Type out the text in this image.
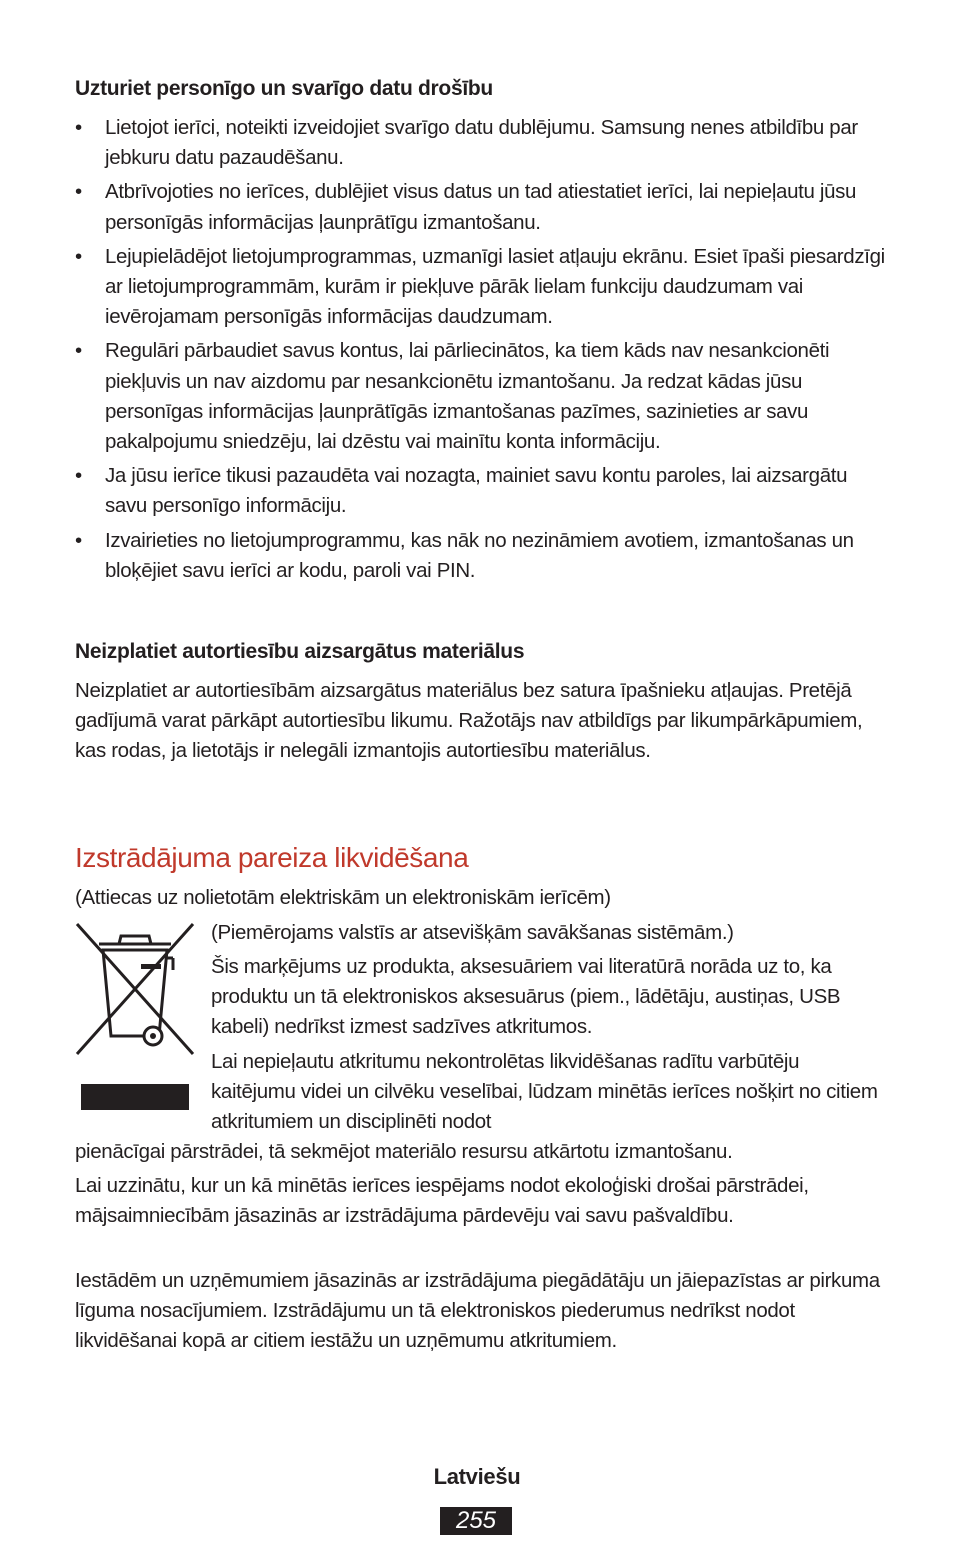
Uzturiet personīgo un svarīgo datu drošību
• Lietojot ierīci, noteikti izveidojiet svarīgo datu dublējumu. Samsung nenes atbildību par jebkuru datu pazaudēšanu.
• Atbrīvojoties no ierīces, dublējiet visus datus un tad atiestatiet ierīci, lai nepieļautu jūsu personīgās informācijas ļaunprātīgu izmantošanu.
• Lejupielādējot lietojumprogrammas, uzmanīgi lasiet atļauju ekrānu. Esiet īpaši piesardzīgi ar lietojumprogrammām, kurām ir piekļuve pārāk lielam funkciju daudzumam vai ievērojamam personīgās informācijas daudzumam.
• Regulāri pārbaudiet savus kontus, lai pārliecinātos, ka tiem kāds nav nesankcionēti piekļuvis un nav aizdomu par nesankcionētu izmantošanu. Ja redzat kādas jūsu personīgas informācijas ļaunprātīgās izmantošanas pazīmes, sazinieties ar savu pakalpojumu sniedzēju, lai dzēstu vai mainītu konta informāciju.
• Ja jūsu ierīce tikusi pazaudēta vai nozagta, mainiet savu kontu paroles, lai aizsargātu savu personīgo informāciju.
• Izvairieties no lietojumprogrammu, kas nāk no nezināmiem avotiem, izmantošanas un bloķējiet savu ierīci ar kodu, paroli vai PIN.
Neizplatiet autortiesību aizsargātus materiālus

Neizplatiet ar autortiesībām aizsargātus materiālus bez satura īpašnieku atļaujas. Pretējā gadījumā varat pārkāpt autortiesību likumu. Ražotājs nav atbildīgs par likumpārkāpumiem, kas rodas, ja lietotājs ir nelegāli izmantojis autortiesību materiālus.

Izstrādājuma pareiza likvidēšana

(Attiecas uz nolietotām elektriskām un elektroniskām ierīcēm)

(Piemērojams valstīs ar atsevišķām savākšanas sistēmām.)

Šis marķējums uz produkta, aksesuāriem vai literatūrā norāda uz to, ka produktu un tā elektroniskos aksesuārus (piem., lādētāju, austiņas, USB kabeli) nedrīkst izmest sadzīves atkritumos.

Lai nepieļautu atkritumu nekontrolētas likvidēšanas radītu varbūtēju kaitējumu videi un cilvēku veselībai, lūdzam minētās ierīces nošķirt no citiem atkritumiem un disciplinēti nodot

pienācīgai pārstrādei, tā sekmējot materiālo resursu atkārtotu izmantošanu.

Lai uzzinātu, kur un kā minētās ierīces iespējams nodot ekoloģiski drošai pārstrādei, mājsaimniecībām jāsazinās ar izstrādājuma pārdevēju vai savu pašvaldību.

Iestādēm un uzņēmumiem jāsazinās ar izstrādājuma piegādātāju un jāiepazīstas ar pirkuma līguma nosacījumiem. Izstrādājumu un tā elektroniskos piederumus nedrīkst nodot likvidēšanai kopā ar citiem iestāžu un uzņēmumu atkritumiem.

Latviešu
255
